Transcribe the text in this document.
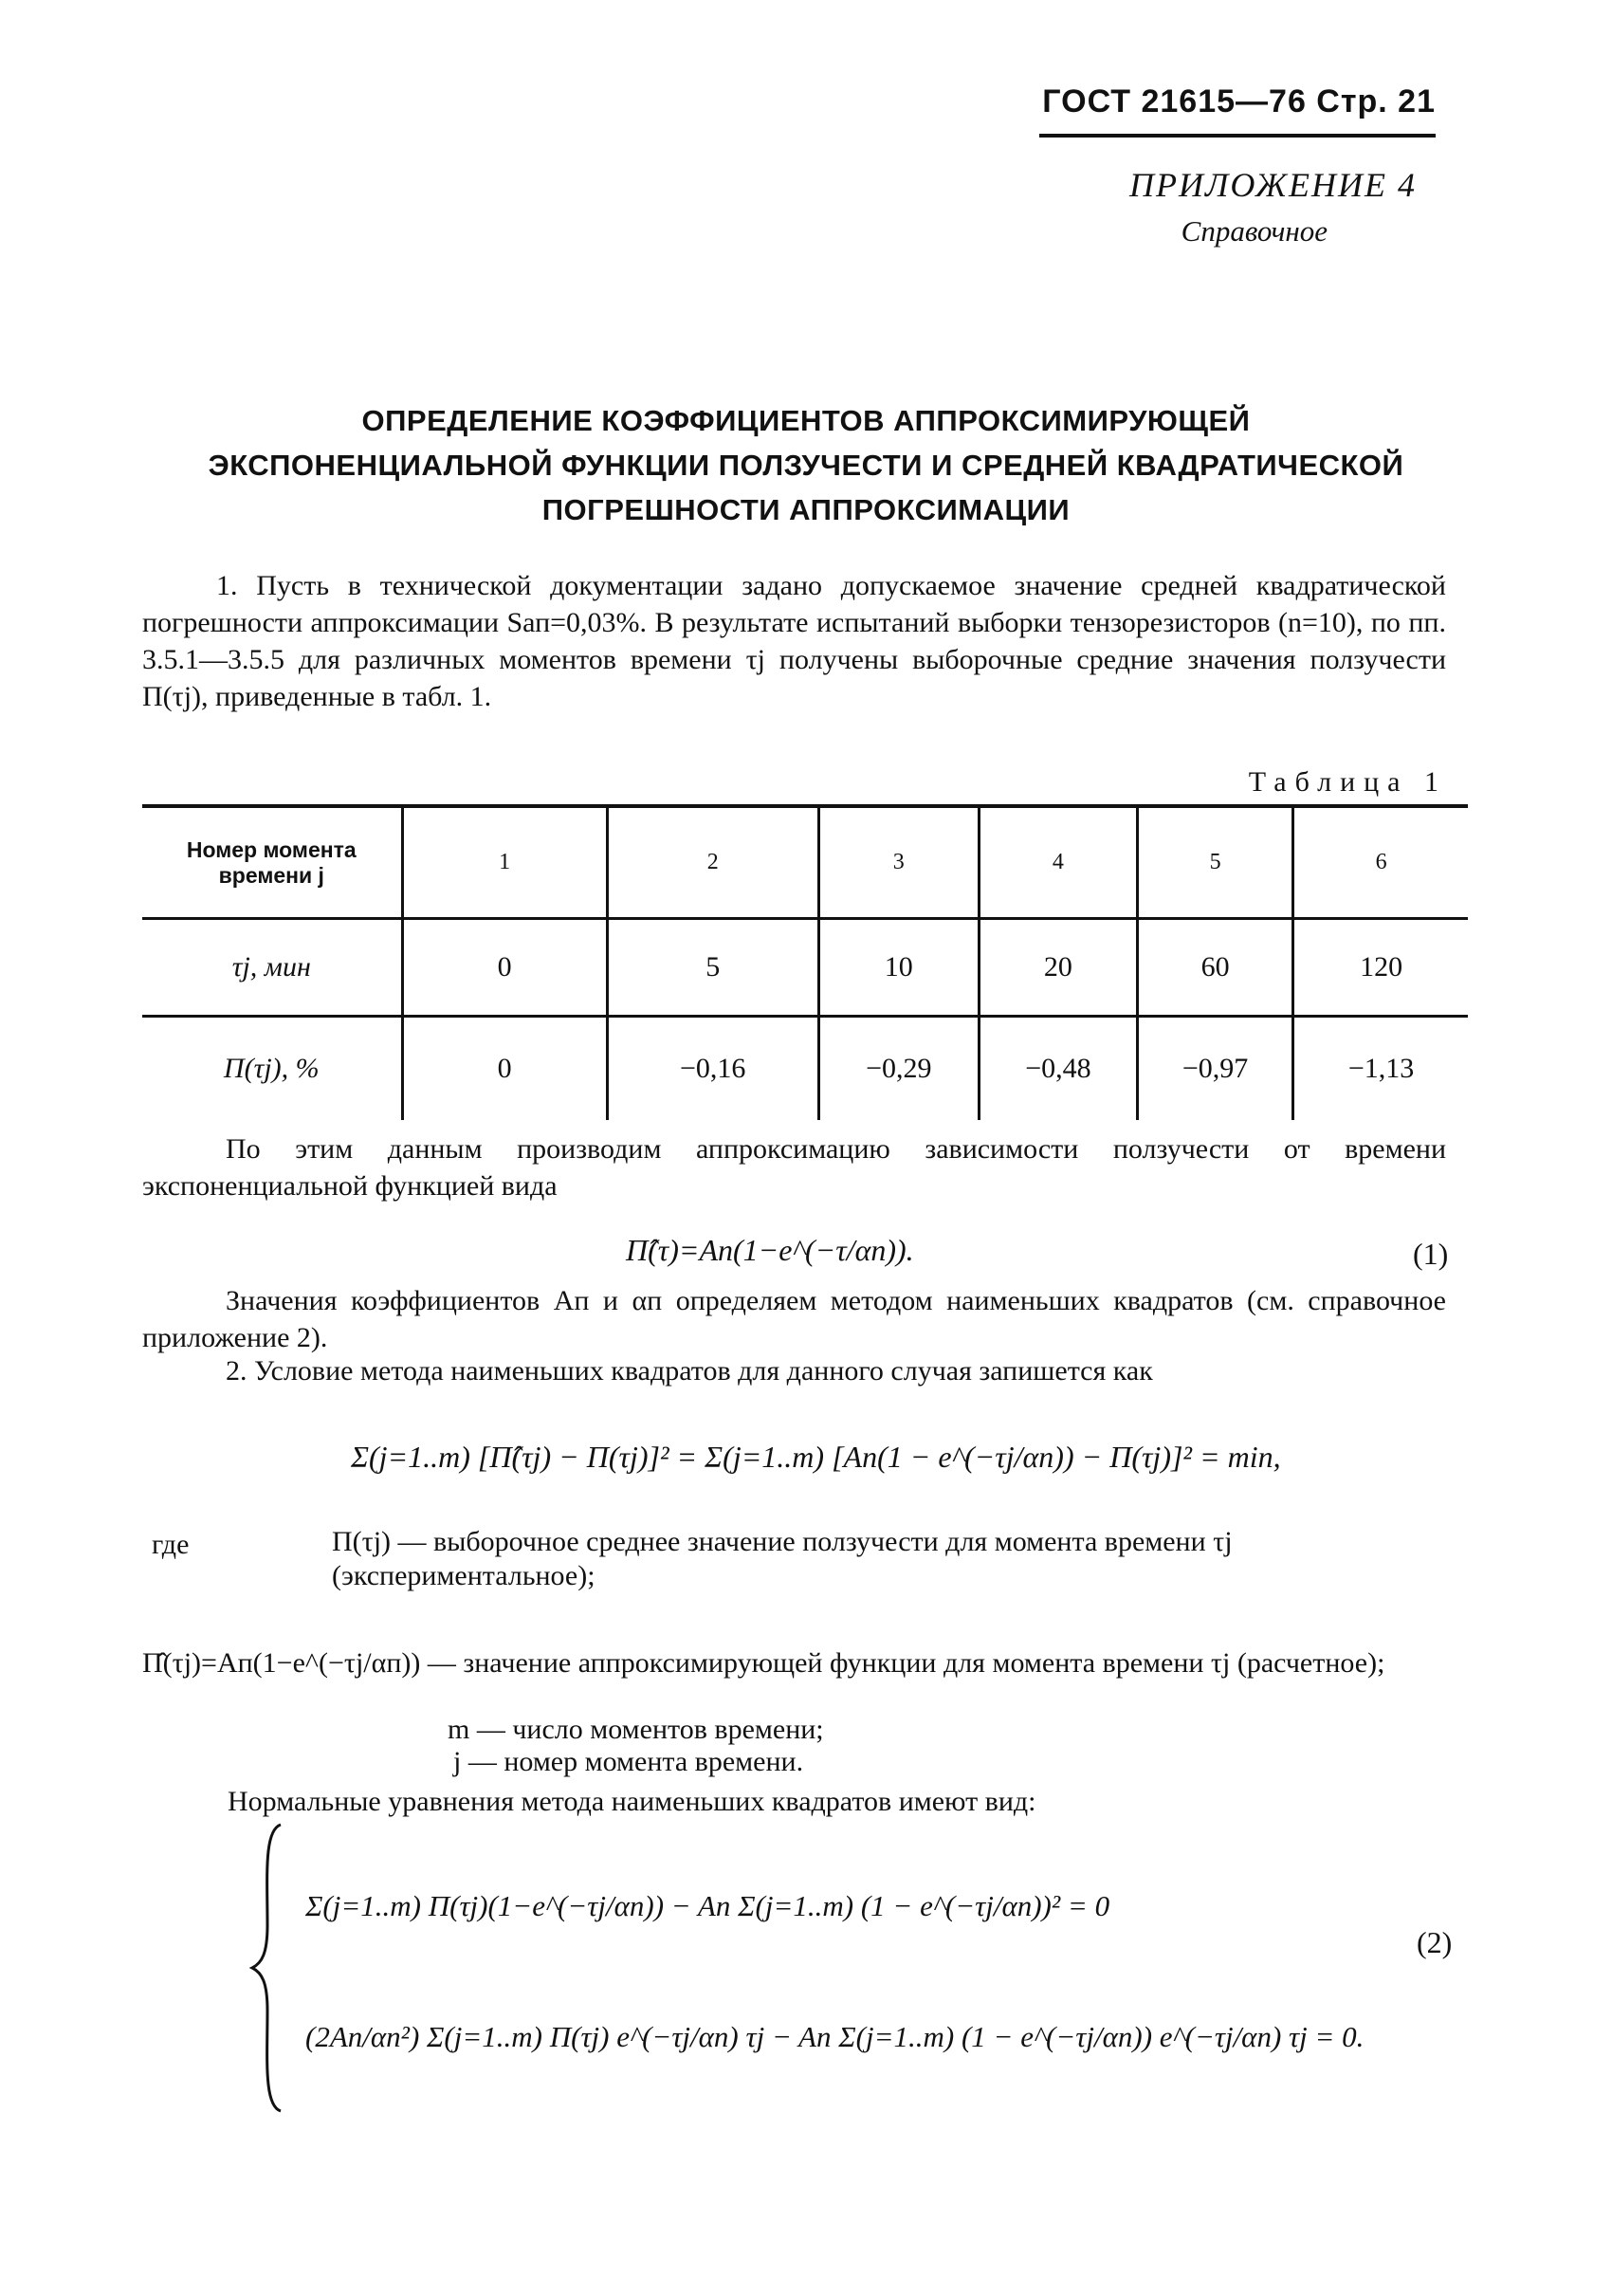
ГОСТ 21615—76 Стр. 21
ПРИЛОЖЕНИЕ 4
Справочное
ОПРЕДЕЛЕНИЕ КОЭФФИЦИЕНТОВ АППРОКСИМИРУЮЩЕЙ ЭКСПОНЕНЦИАЛЬНОЙ ФУНКЦИИ ПОЛЗУЧЕСТИ И СРЕДНЕЙ КВАДРАТИЧЕСКОЙ ПОГРЕШНОСТИ АППРОКСИМАЦИИ
1. Пусть в технической документации задано допускаемое значение средней квадратической погрешности аппроксимации Sап=0,03%. В результате испытаний выборки тензорезисторов (n=10), по пп. 3.5.1—3.5.5 для различных моментов времени τj получены выборочные средние значения ползучести П(τj), приведенные в табл. 1.
Таблица 1
Номер момента времени j	1	2	3	4	5	6
τj, мин	0	5	10	20	60	120
П(τj), %	0	−0,16	−0,29	−0,48	−0,97	−1,13
По этим данным производим аппроксимацию зависимости ползучести от времени экспоненциальной функцией вида
П̂(τ)=Aп(1−e^(−τ/αп)).	(1)
Значения коэффициентов Aп и αп определяем методом наименьших квадратов (см. справочное приложение 2).
2. Условие метода наименьших квадратов для данного случая запишется как
Σ(j=1..m) [П̂(τj) − П(τj)]² = Σ(j=1..m) [Aп(1 − e^(−τj/αп)) − П(τj)]² = min,
где	П(τj) — выборочное среднее значение ползучести для момента времени τj (экспериментальное);
П̂(τj)=Aп(1−e^(−τj/αп)) — значение аппроксимирующей функции для момента времени τj (расчетное);
m — число моментов времени;
j — номер момента времени.
Нормальные уравнения метода наименьших квадратов имеют вид:
Σ(j=1..m) П(τj)(1−e^(−τj/αп)) − Aп Σ(j=1..m) (1 − e^(−τj/αп))² = 0
(2Aп/αп²) Σ(j=1..m) П(τj) e^(−τj/αп) τj − Aп Σ(j=1..m) (1 − e^(−τj/αп)) e^(−τj/αп) τj = 0.
(2)
